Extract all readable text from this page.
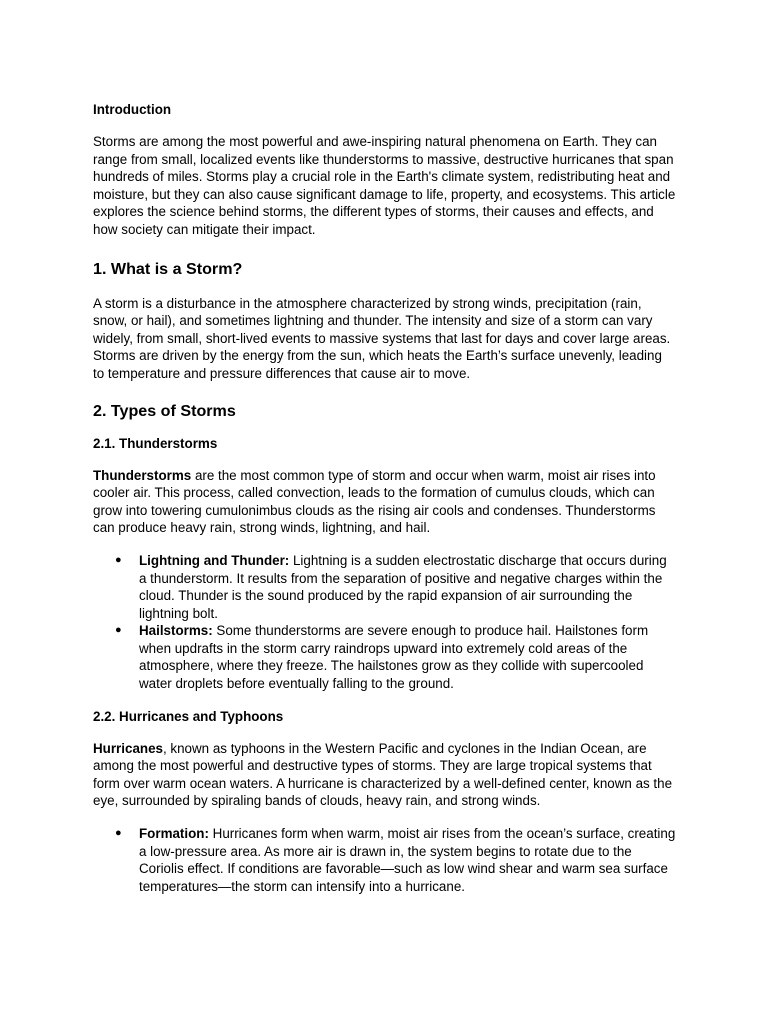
Introduction

Storms are among the most powerful and awe-inspiring natural phenomena on Earth. They can range from small, localized events like thunderstorms to massive, destructive hurricanes that span hundreds of miles. Storms play a crucial role in the Earth's climate system, redistributing heat and moisture, but they can also cause significant damage to life, property, and ecosystems. This article explores the science behind storms, the different types of storms, their causes and effects, and how society can mitigate their impact.

1. What is a Storm?

A storm is a disturbance in the atmosphere characterized by strong winds, precipitation (rain, snow, or hail), and sometimes lightning and thunder. The intensity and size of a storm can vary widely, from small, short-lived events to massive systems that last for days and cover large areas. Storms are driven by the energy from the sun, which heats the Earth’s surface unevenly, leading to temperature and pressure differences that cause air to move.

2. Types of Storms

2.1. Thunderstorms

Thunderstorms are the most common type of storm and occur when warm, moist air rises into cooler air. This process, called convection, leads to the formation of cumulus clouds, which can grow into towering cumulonimbus clouds as the rising air cools and condenses. Thunderstorms can produce heavy rain, strong winds, lightning, and hail.

● Lightning and Thunder: Lightning is a sudden electrostatic discharge that occurs during a thunderstorm. It results from the separation of positive and negative charges within the cloud. Thunder is the sound produced by the rapid expansion of air surrounding the lightning bolt.
● Hailstorms: Some thunderstorms are severe enough to produce hail. Hailstones form when updrafts in the storm carry raindrops upward into extremely cold areas of the atmosphere, where they freeze. The hailstones grow as they collide with supercooled water droplets before eventually falling to the ground.

2.2. Hurricanes and Typhoons

Hurricanes, known as typhoons in the Western Pacific and cyclones in the Indian Ocean, are among the most powerful and destructive types of storms. They are large tropical systems that form over warm ocean waters. A hurricane is characterized by a well-defined center, known as the eye, surrounded by spiraling bands of clouds, heavy rain, and strong winds.

● Formation: Hurricanes form when warm, moist air rises from the ocean’s surface, creating a low-pressure area. As more air is drawn in, the system begins to rotate due to the Coriolis effect. If conditions are favorable—such as low wind shear and warm sea surface temperatures—the storm can intensify into a hurricane.
